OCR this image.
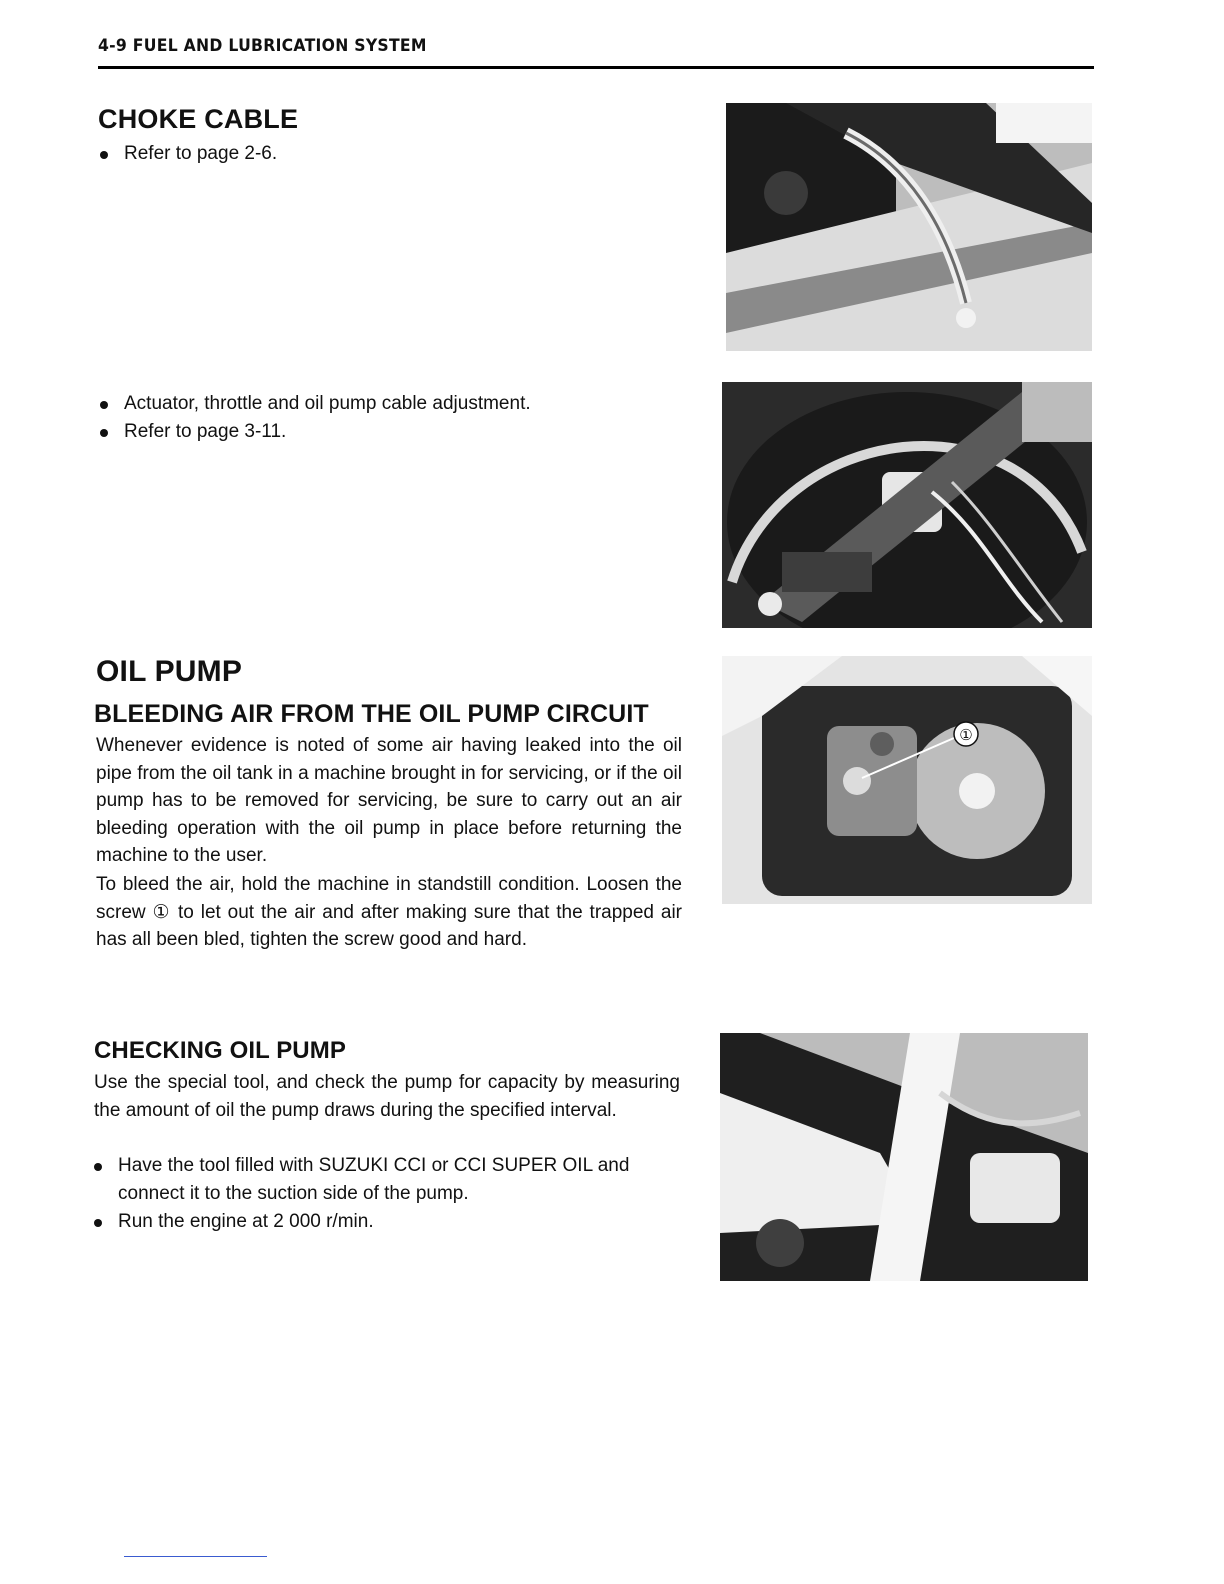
4-9 FUEL AND LUBRICATION SYSTEM
CHOKE CABLE
Refer to page 2-6.
Actuator, throttle and oil pump cable adjustment.
Refer to page 3-11.
OIL PUMP
BLEEDING AIR FROM THE OIL PUMP CIRCUIT
Whenever evidence is noted of some air having leaked into the oil pipe from the oil tank in a machine brought in for servicing, or if the oil pump has to be removed for servicing, be sure to carry out an air bleeding operation with the oil pump in place before returning the machine to the user.
To bleed the air, hold the machine in standstill condition. Loosen the screw ① to let out the air and after making sure that the trapped air has all been bled, tighten the screw good and hard.
①
CHECKING OIL PUMP
Use the special tool, and check the pump for capacity by measuring the amount of oil the pump draws during the specified interval.
Have the tool filled with SUZUKI CCI or CCI SUPER OIL and connect it to the suction side of the pump.
Run the engine at 2 000 r/min.
